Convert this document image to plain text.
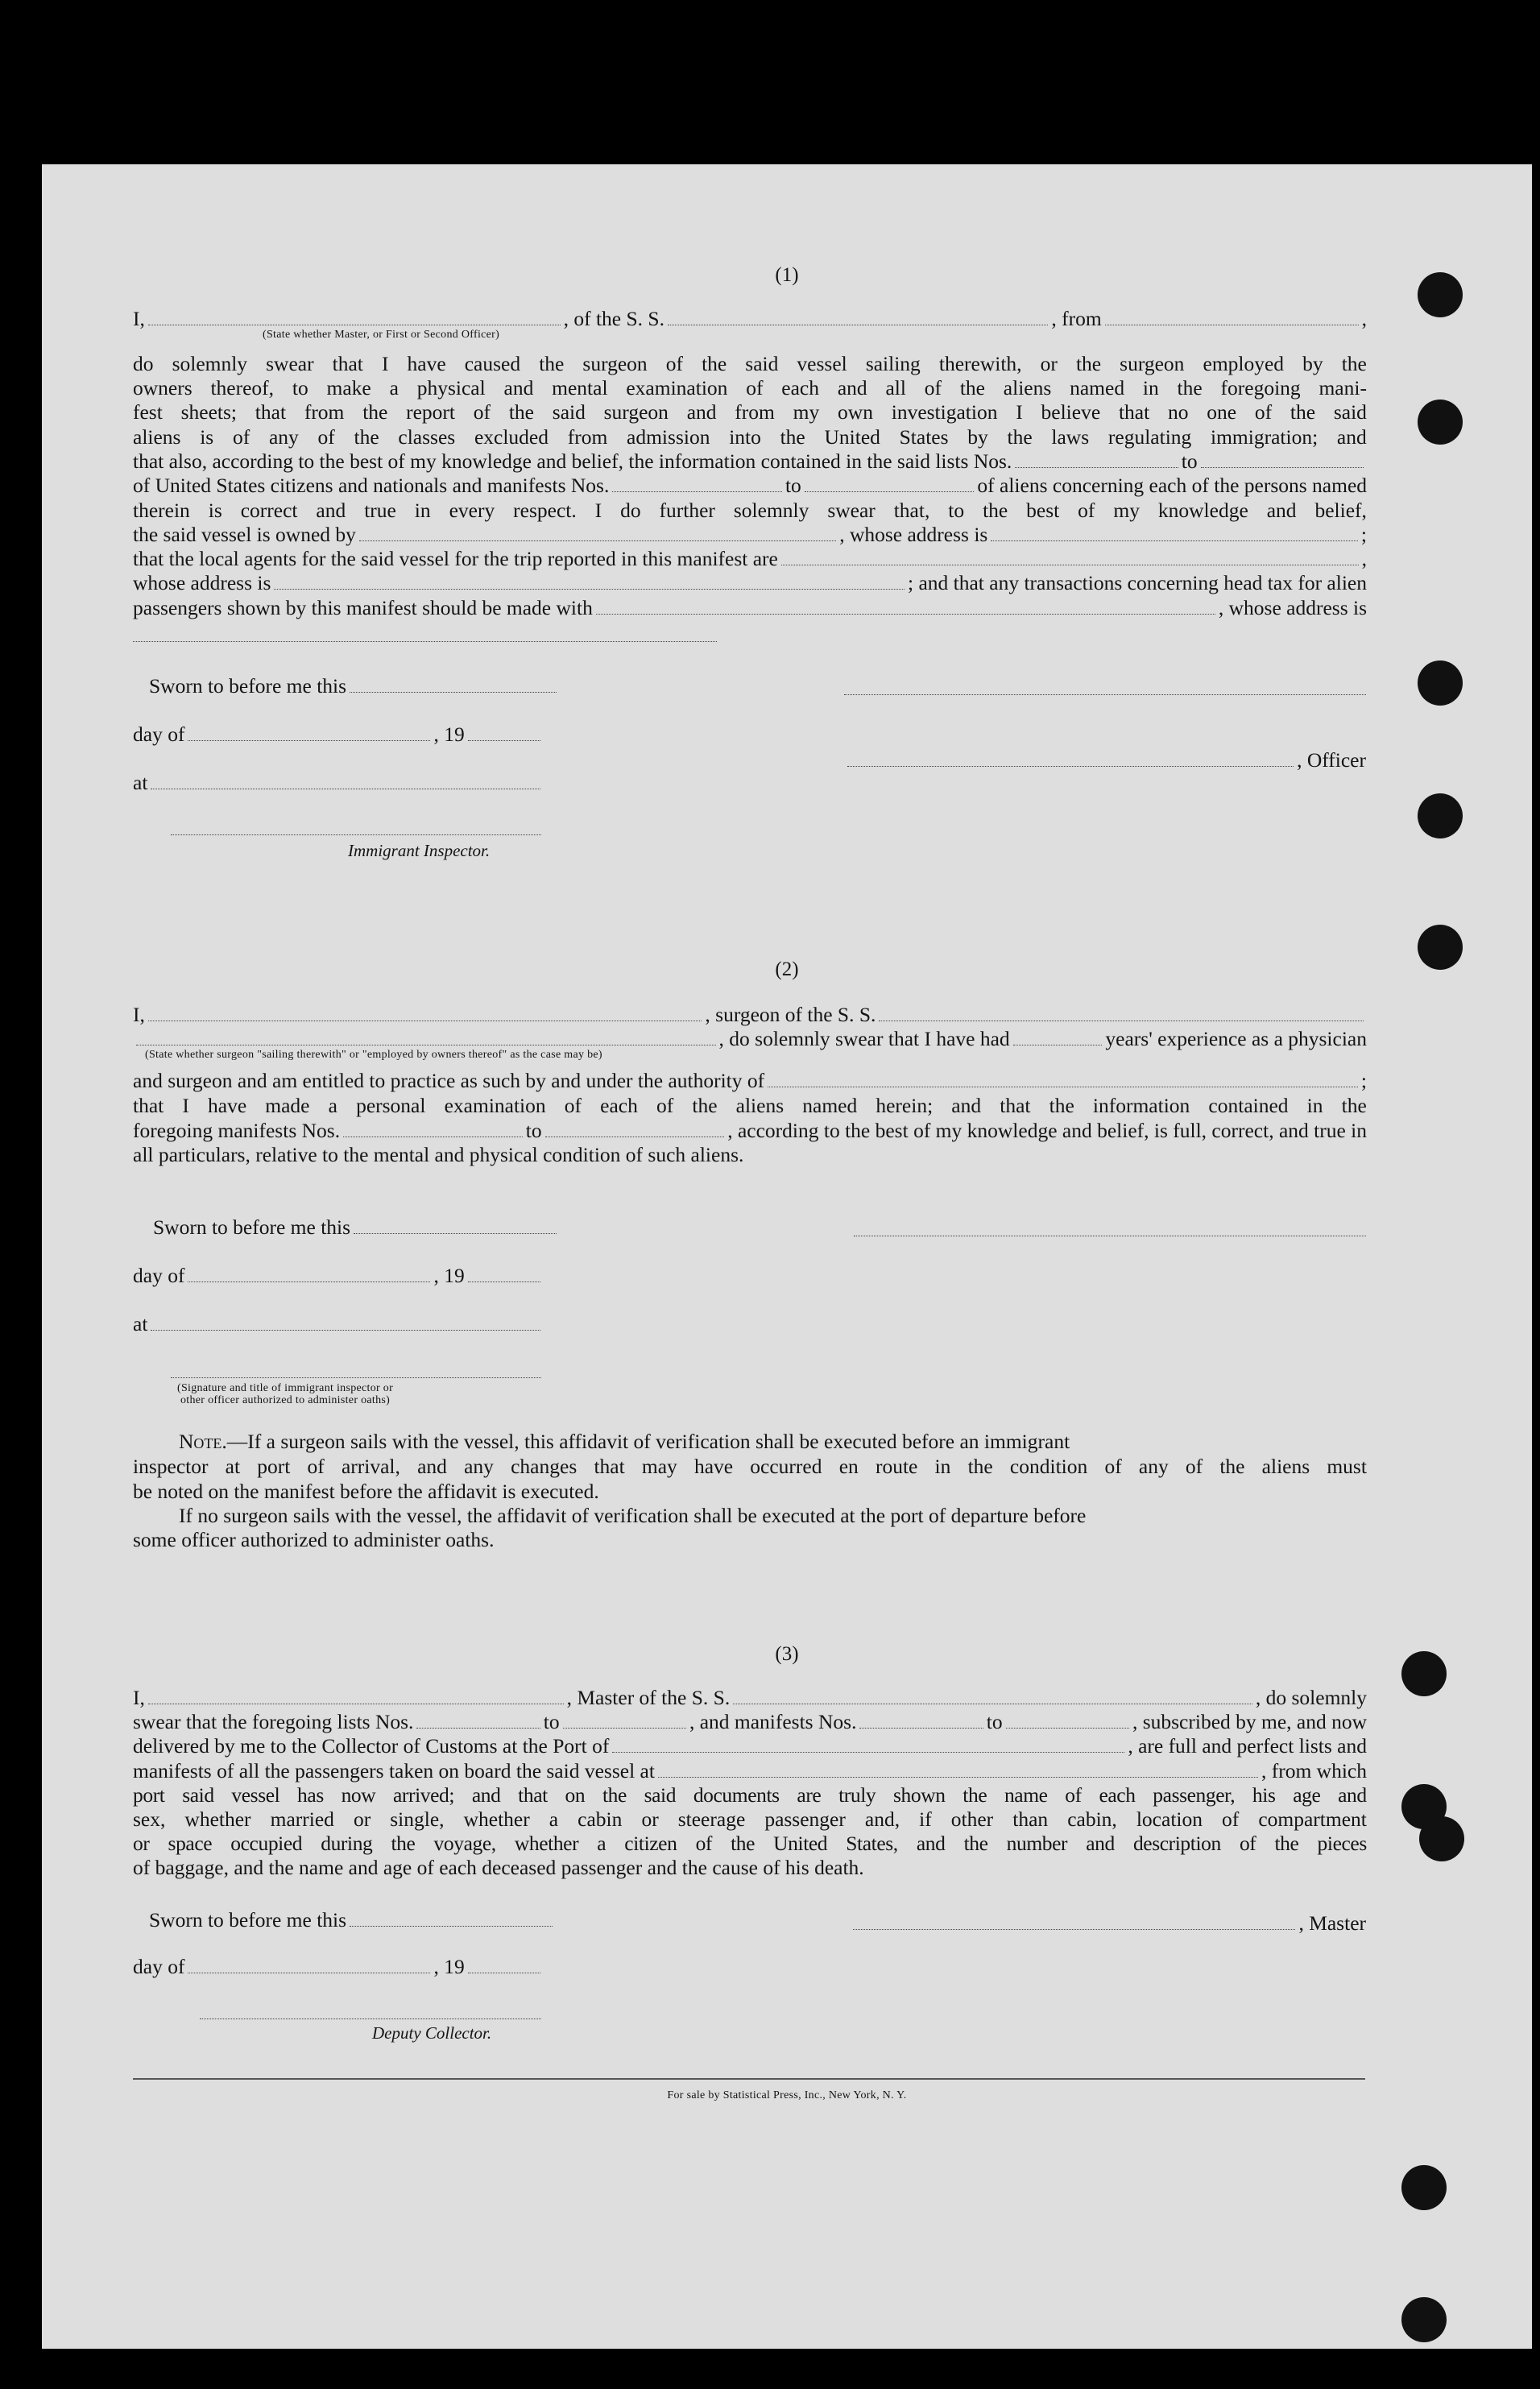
(1)
I,	, of the S. S.	, from	,
(State whether Master, or First or Second Officer)
do solemnly swear that I have caused the surgeon of the said vessel sailing therewith, or the surgeon employed by the
owners thereof, to make a physical and mental examination of each and all of the aliens named in the foregoing mani-
fest sheets; that from the report of the said surgeon and from my own investigation I believe that no one of the said
aliens is of any of the classes excluded from admission into the United States by the laws regulating immigration; and
that also, according to the best of my knowledge and belief, the information contained in the said lists Nos.	to
of United States citizens and nationals and manifests Nos.	to	of aliens concerning each of the persons named
therein is correct and true in every respect. I do further solemnly swear that, to the best of my knowledge and belief,
the said vessel is owned by	, whose address is	;
that the local agents for the said vessel for the trip reported in this manifest are	,
whose address is	; and that any transactions concerning head tax for alien
passengers shown by this manifest should be made with	, whose address is
Sworn to before me this
day of	, 19
at
, Officer
Immigrant Inspector.
(2)
I,	, surgeon of the S. S.
, do solemnly swear that I have had	years' experience as a physician
(State whether surgeon "sailing therewith" or "employed by owners thereof" as the case may be)
and surgeon and am entitled to practice as such by and under the authority of	;
that I have made a personal examination of each of the aliens named herein; and that the information contained in the
foregoing manifests Nos.	to	, according to the best of my knowledge and belief, is full, correct, and true in
all particulars, relative to the mental and physical condition of such aliens.
Sworn to before me this
day of	, 19
at
(Signature and title of immigrant inspector or
other officer authorized to administer oaths)
Note.—If a surgeon sails with the vessel, this affidavit of verification shall be executed before an immigrant
inspector at port of arrival, and any changes that may have occurred en route in the condition of any of the aliens must
be noted on the manifest before the affidavit is executed.
If no surgeon sails with the vessel, the affidavit of verification shall be executed at the port of departure before
some officer authorized to administer oaths.
(3)
I,	, Master of the S. S.	, do solemnly
swear that the foregoing lists Nos.	to	, and manifests Nos.	to	, subscribed by me, and now
delivered by me to the Collector of Customs at the Port of	, are full and perfect lists and
manifests of all the passengers taken on board the said vessel at	, from which
port said vessel has now arrived; and that on the said documents are truly shown the name of each passenger, his age and
sex, whether married or single, whether a cabin or steerage passenger and, if other than cabin, location of compartment
or space occupied during the voyage, whether a citizen of the United States, and the number and description of the pieces
of baggage, and the name and age of each deceased passenger and the cause of his death.
Sworn to before me this	, Master
day of	, 19
Deputy Collector.
For sale by Statistical Press, Inc., New York, N. Y.
